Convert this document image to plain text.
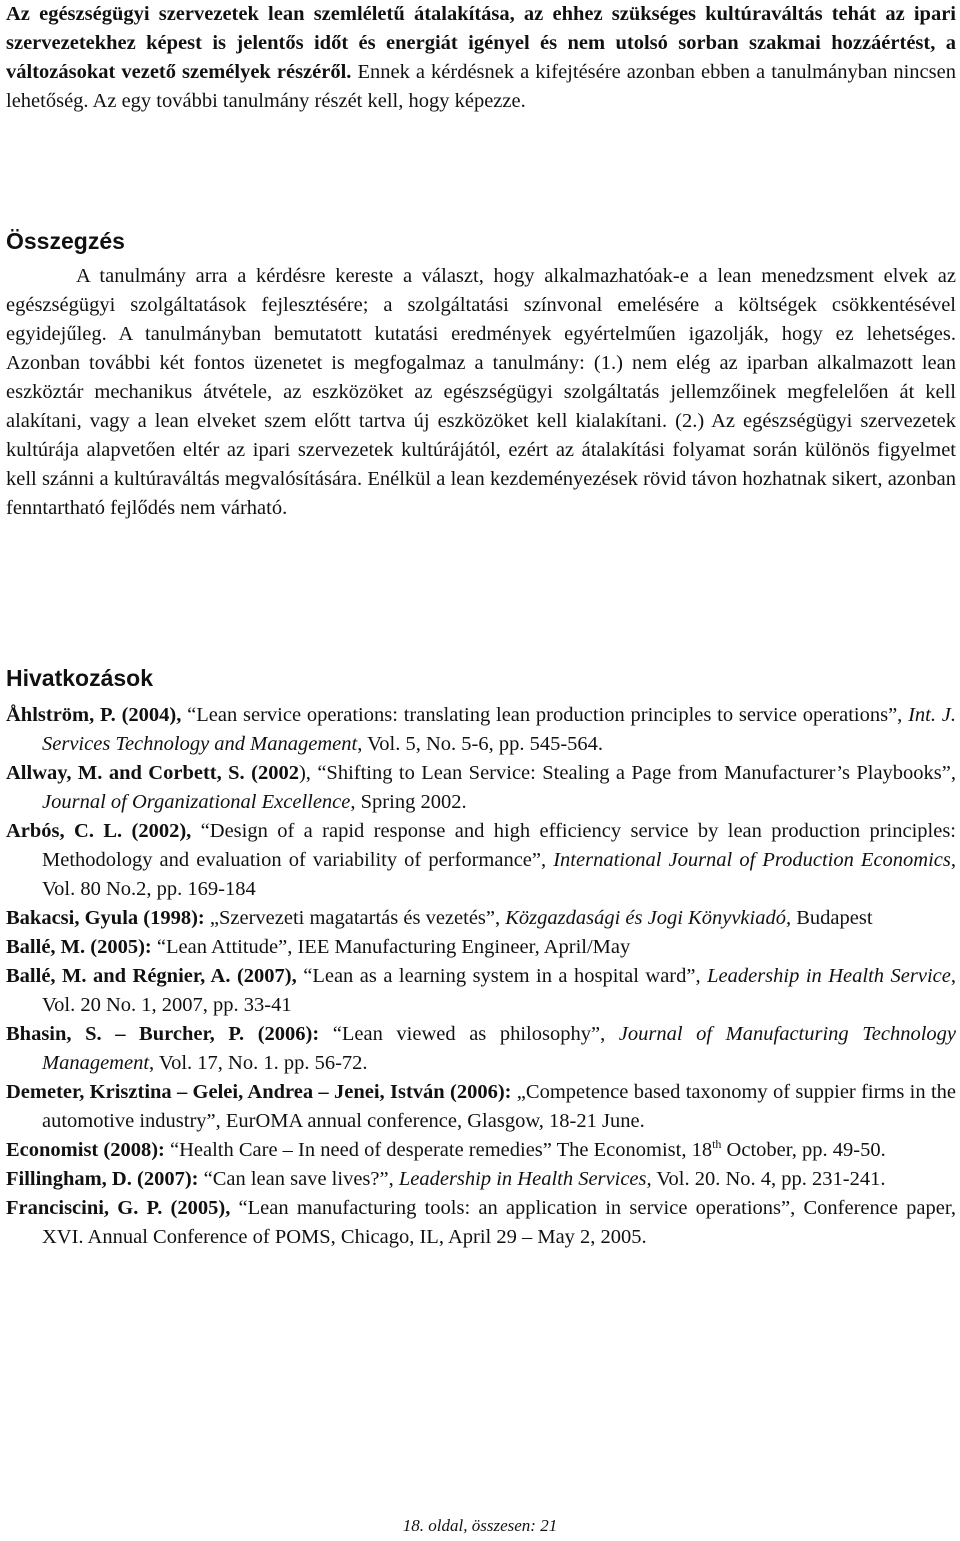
Az egészségügyi szervezetek lean szemléletű átalakítása, az ehhez szükséges kultúraváltás tehát az ipari szervezetekhez képest is jelentős időt és energiát igényel és nem utolsó sorban szakmai hozzáértést, a változásokat vezető személyek részéről. Ennek a kérdésnek a kifejtésére azonban ebben a tanulmányban nincsen lehetőség. Az egy további tanulmány részét kell, hogy képezze.

Összegzés

A tanulmány arra a kérdésre kereste a választ, hogy alkalmazhatóak-e a lean menedzsment elvek az egészségügyi szolgáltatások fejlesztésére; a szolgáltatási színvonal emelésére a költségek csökkentésével egyidejűleg. A tanulmányban bemutatott kutatási eredmények egyértelműen igazolják, hogy ez lehetséges. Azonban további két fontos üzenetet is megfogalmaz a tanulmány: (1.) nem elég az iparban alkalmazott lean eszköztár mechanikus átvétele, az eszközöket az egészségügyi szolgáltatás jellemzőinek megfelelően át kell alakítani, vagy a lean elveket szem előtt tartva új eszközöket kell kialakítani. (2.) Az egészségügyi szervezetek kultúrája alapvetően eltér az ipari szervezetek kultúrájától, ezért az átalakítási folyamat során különös figyelmet kell szánni a kultúraváltás megvalósítására. Enélkül a lean kezdeményezések rövid távon hozhatnak sikert, azonban fenntartható fejlődés nem várható.

Hivatkozások
Åhlström, P. (2004), “Lean service operations: translating lean production principles to service operations”, Int. J. Services Technology and Management, Vol. 5, No. 5-6, pp. 545-564.
Allway, M. and Corbett, S. (2002), “Shifting to Lean Service: Stealing a Page from Manufacturer’s Playbooks”, Journal of Organizational Excellence, Spring 2002.
Arbós, C. L. (2002), “Design of a rapid response and high efficiency service by lean production principles: Methodology and evaluation of variability of performance”, International Journal of Production Economics, Vol. 80 No.2, pp. 169-184
Bakacsi, Gyula (1998): „Szervezeti magatartás és vezetés”, Közgazdasági és Jogi Könyvkiadó, Budapest
Ballé, M. (2005): “Lean Attitude”, IEE Manufacturing Engineer, April/May
Ballé, M. and Régnier, A. (2007), “Lean as a learning system in a hospital ward”, Leadership in Health Service, Vol. 20 No. 1, 2007, pp. 33-41
Bhasin, S. – Burcher, P. (2006): “Lean viewed as philosophy”, Journal of Manufacturing Technology Management, Vol. 17, No. 1. pp. 56-72.
Demeter, Krisztina – Gelei, Andrea – Jenei, István (2006): „Competence based taxonomy of suppier firms in the automotive industry”, EurOMA annual conference, Glasgow, 18-21 June.
Economist (2008): “Health Care – In need of desperate remedies” The Economist, 18th October, pp. 49-50.
Fillingham, D. (2007): “Can lean save lives?”, Leadership in Health Services, Vol. 20. No. 4, pp. 231-241.
Franciscini, G. P. (2005), “Lean manufacturing tools: an application in service operations”, Conference paper, XVI. Annual Conference of POMS, Chicago, IL, April 29 – May 2, 2005.
18. oldal, összesen: 21
